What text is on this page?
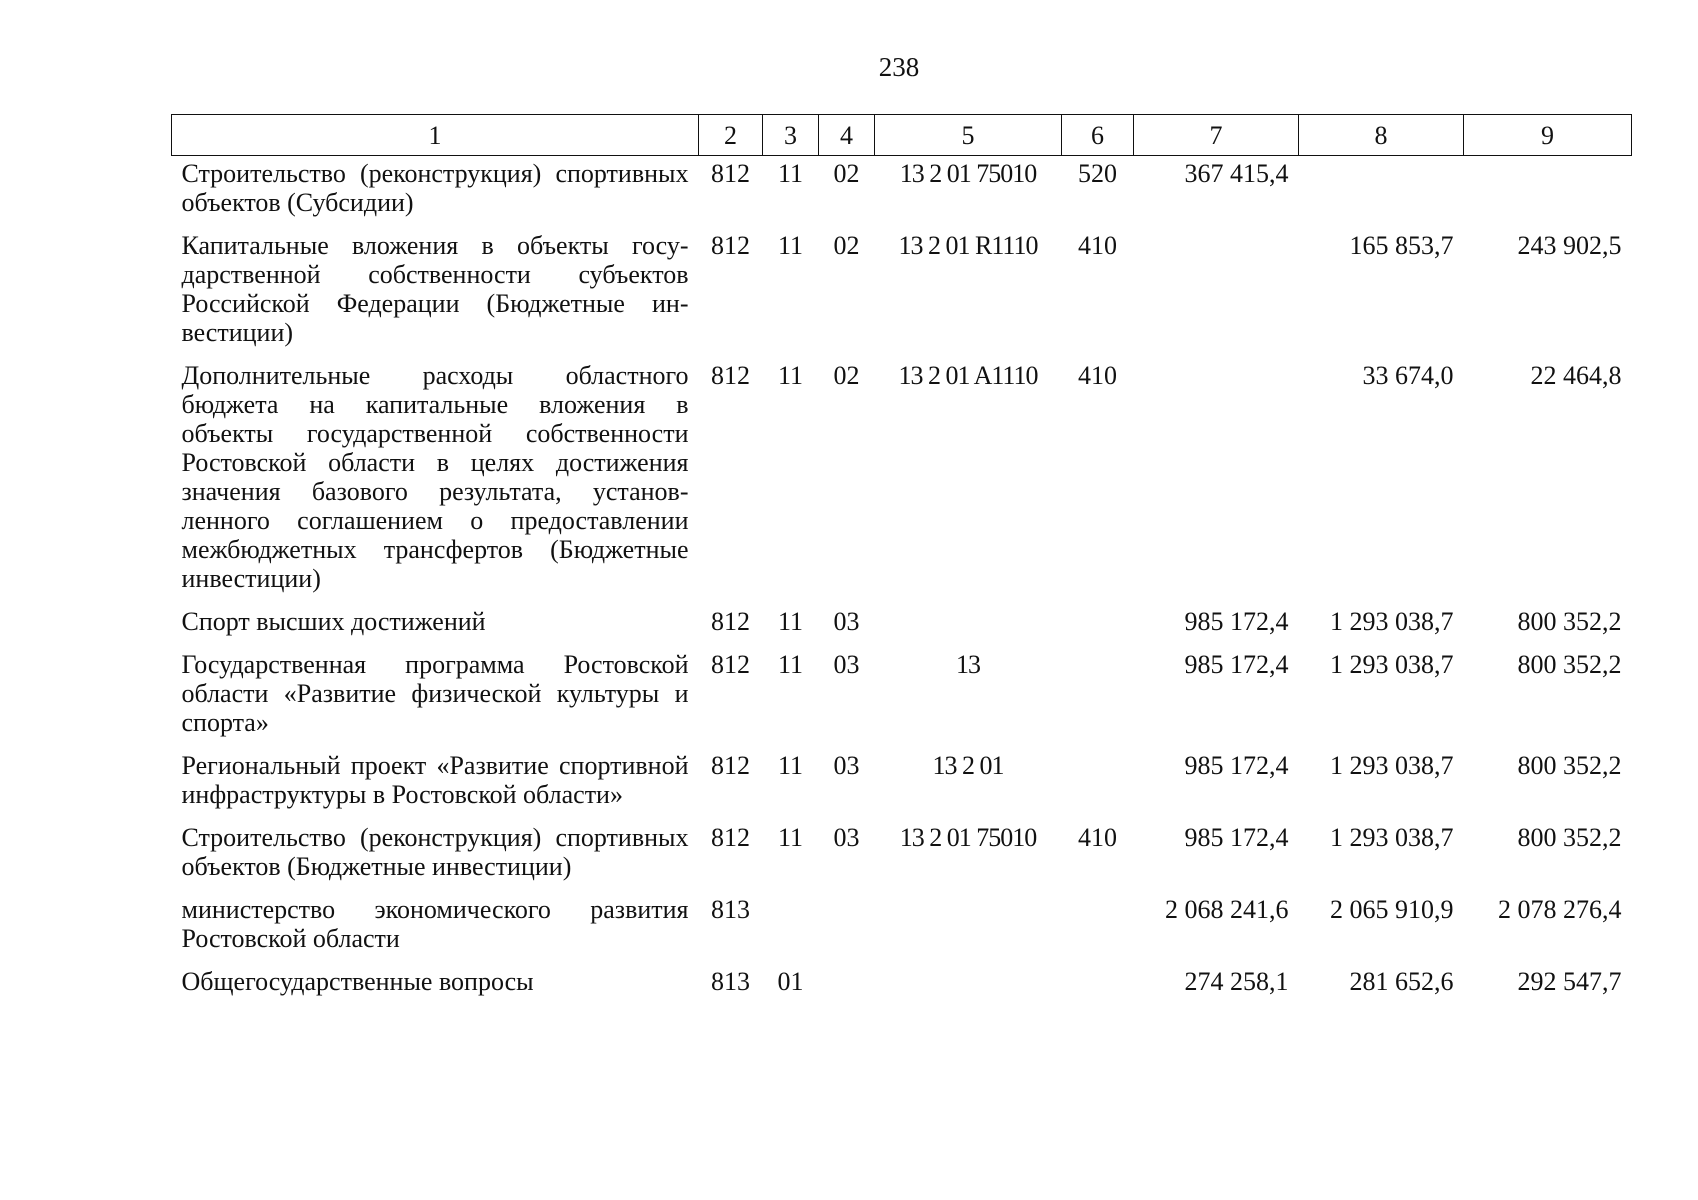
238
1	2	3	4	5	6	7	8	9
Строительство (реконструкция) спортивных объектов (Субсидии)	812	11	02	13 2 01 75010	520	367 415,4		
Капитальные вложения в объекты государственной собственности субъектов Российской Федерации (Бюджетные инвестиции)	812	11	02	13 2 01 R1110	410		165 853,7	243 902,5
Дополнительные расходы областного бюджета на капитальные вложения в объекты государственной собственности Ростовской области в целях достижения значения базового результата, установленного соглашением о предоставлении межбюджетных трансфертов (Бюджетные инвестиции)	812	11	02	13 2 01 A1110	410		33 674,0	22 464,8
Спорт высших достижений	812	11	03			985 172,4	1 293 038,7	800 352,2
Государственная программа Ростовской области «Развитие физической культуры и спорта»	812	11	03	13		985 172,4	1 293 038,7	800 352,2
Региональный проект «Развитие спортивной инфраструктуры в Ростовской области»	812	11	03	13 2 01		985 172,4	1 293 038,7	800 352,2
Строительство (реконструкция) спортивных объектов (Бюджетные инвестиции)	812	11	03	13 2 01 75010	410	985 172,4	1 293 038,7	800 352,2
министерство экономического развития Ростовской области	813					2 068 241,6	2 065 910,9	2 078 276,4
Общегосударственные вопросы	813	01				274 258,1	281 652,6	292 547,7
